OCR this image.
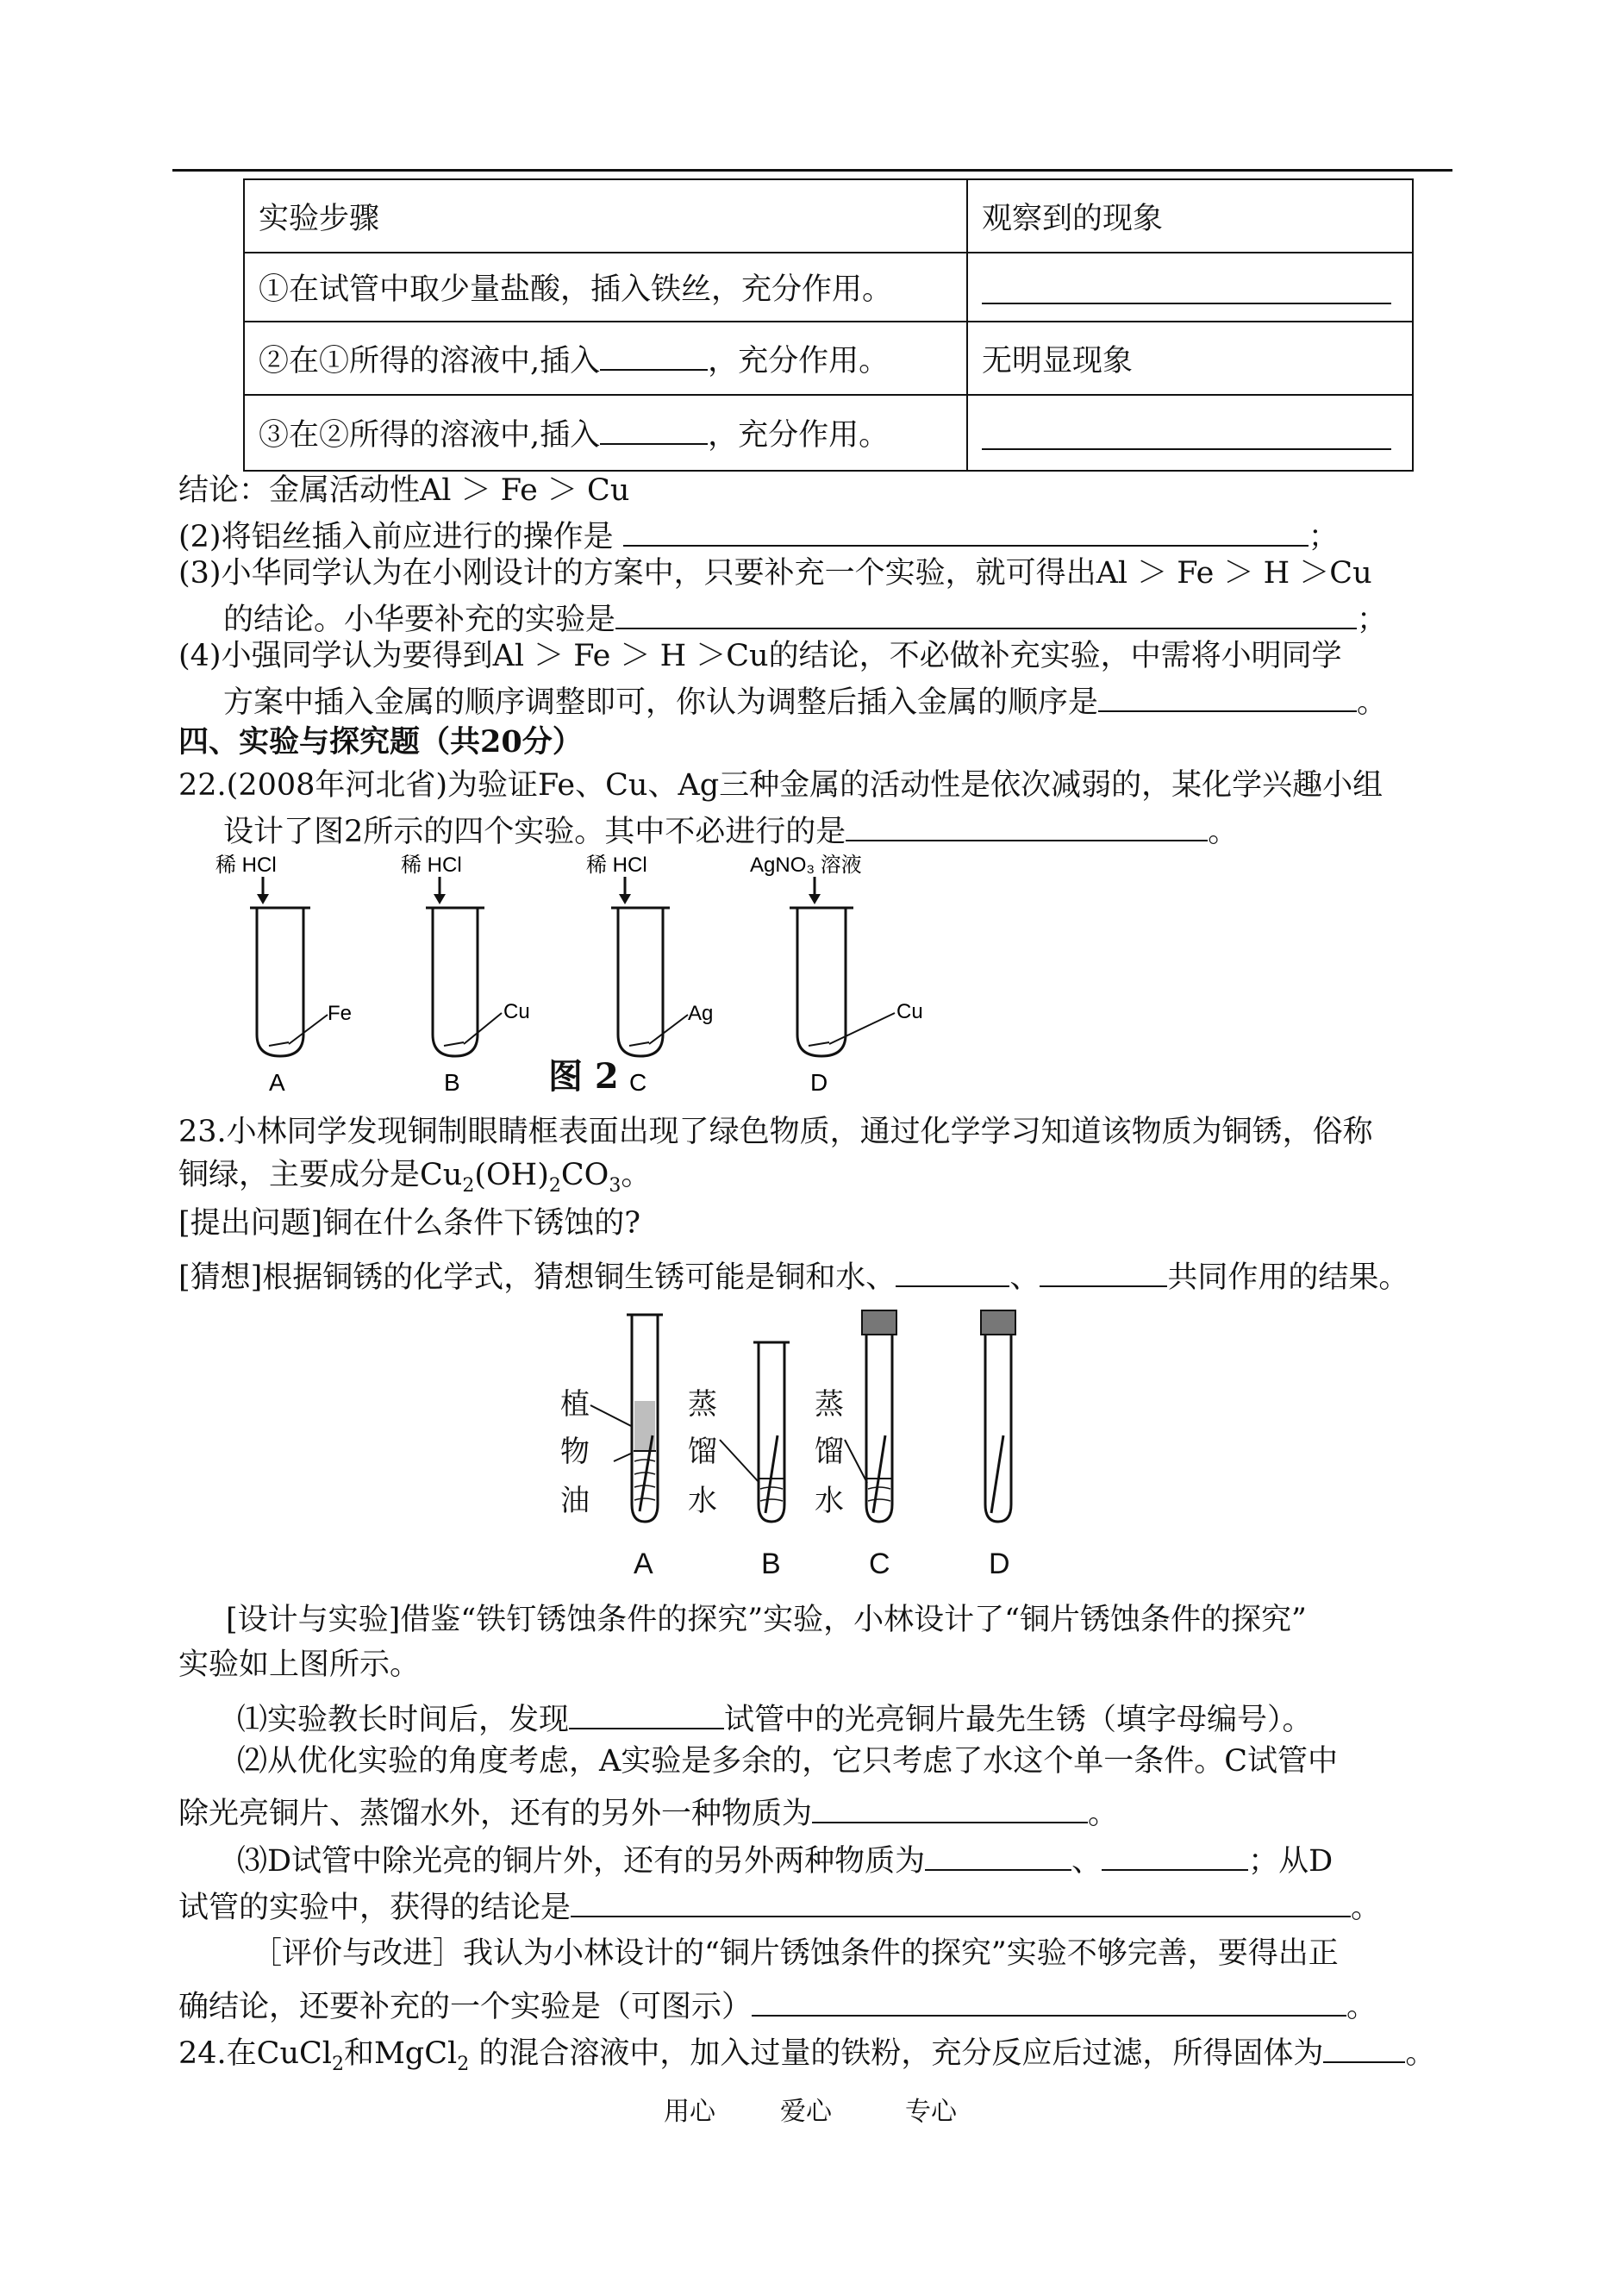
实验步骤	观察到的现象
①在试管中取少量盐酸，插入铁丝，充分作用。	

②在①所得的溶液中,插入 ，充分作用。	无明显现象
③在②所得的溶液中,插入 ，充分作用。	
结论：金属活动性Al ＞ Fe ＞ Cu
(2)将铝丝插入前应进行的操作是	；
(3)小华同学认为在小刚设计的方案中，只要补充一个实验，就可得出Al ＞ Fe ＞ H ＞Cu
的结论。小华要补充的实验是	；
(4)小强同学认为要得到Al ＞ Fe ＞ H ＞Cu的结论，不必做补充实验，中需将小明同学
方案中插入金属的顺序调整即可，你认为调整后插入金属的顺序是	。
四、实验与探究题（共20分）
22.(2008年河北省)为验证Fe、Cu、Ag三种金属的活动性是依次减弱的，某化学兴趣小组
设计了图2所示的四个实验。其中不必进行的是	。
稀 HCl
Fe
A
稀 HCl
Cu
B
稀 HCl
Ag
C
AgNO₃ 溶液
Cu
D
图 2
23.小林同学发现铜制眼睛框表面出现了绿色物质，通过化学学习知道该物质为铜锈，俗称
铜绿，主要成分是$Cu_2(OH)_2CO_3$。
[提出问题]铜在什么条件下锈蚀的?
[猜想]根据铜锈的化学式，猜想铜生锈可能是铜和水、	、	共同作用的结果。
植
物
油
蒸
馏
水
蒸
馏
水
A	B	C	D
[设计与实验]借鉴“铁钉锈蚀条件的探究”实验，小林设计了“铜片锈蚀条件的探究”
实验如上图所示。
⑴实验教长时间后，发现	试管中的光亮铜片最先生锈（填字母编号）。
⑵从优化实验的角度考虑，A实验是多余的，它只考虑了水这个单一条件。C试管中
除光亮铜片、蒸馏水外，还有的另外一种物质为	。
⑶D试管中除光亮的铜片外，还有的另外两种物质为	、	；从D
试管的实验中，获得的结论是	。
［评价与改进］我认为小林设计的“铜片锈蚀条件的探究”实验不够完善，要得出正
确结论，还要补充的一个实验是（可图示）	。
24.在CuCl$_2$和MgCl$_2$ 的混合溶液中，加入过量的铁粉，充分反应后过滤，所得固体为	。
用心	爱心	专心
